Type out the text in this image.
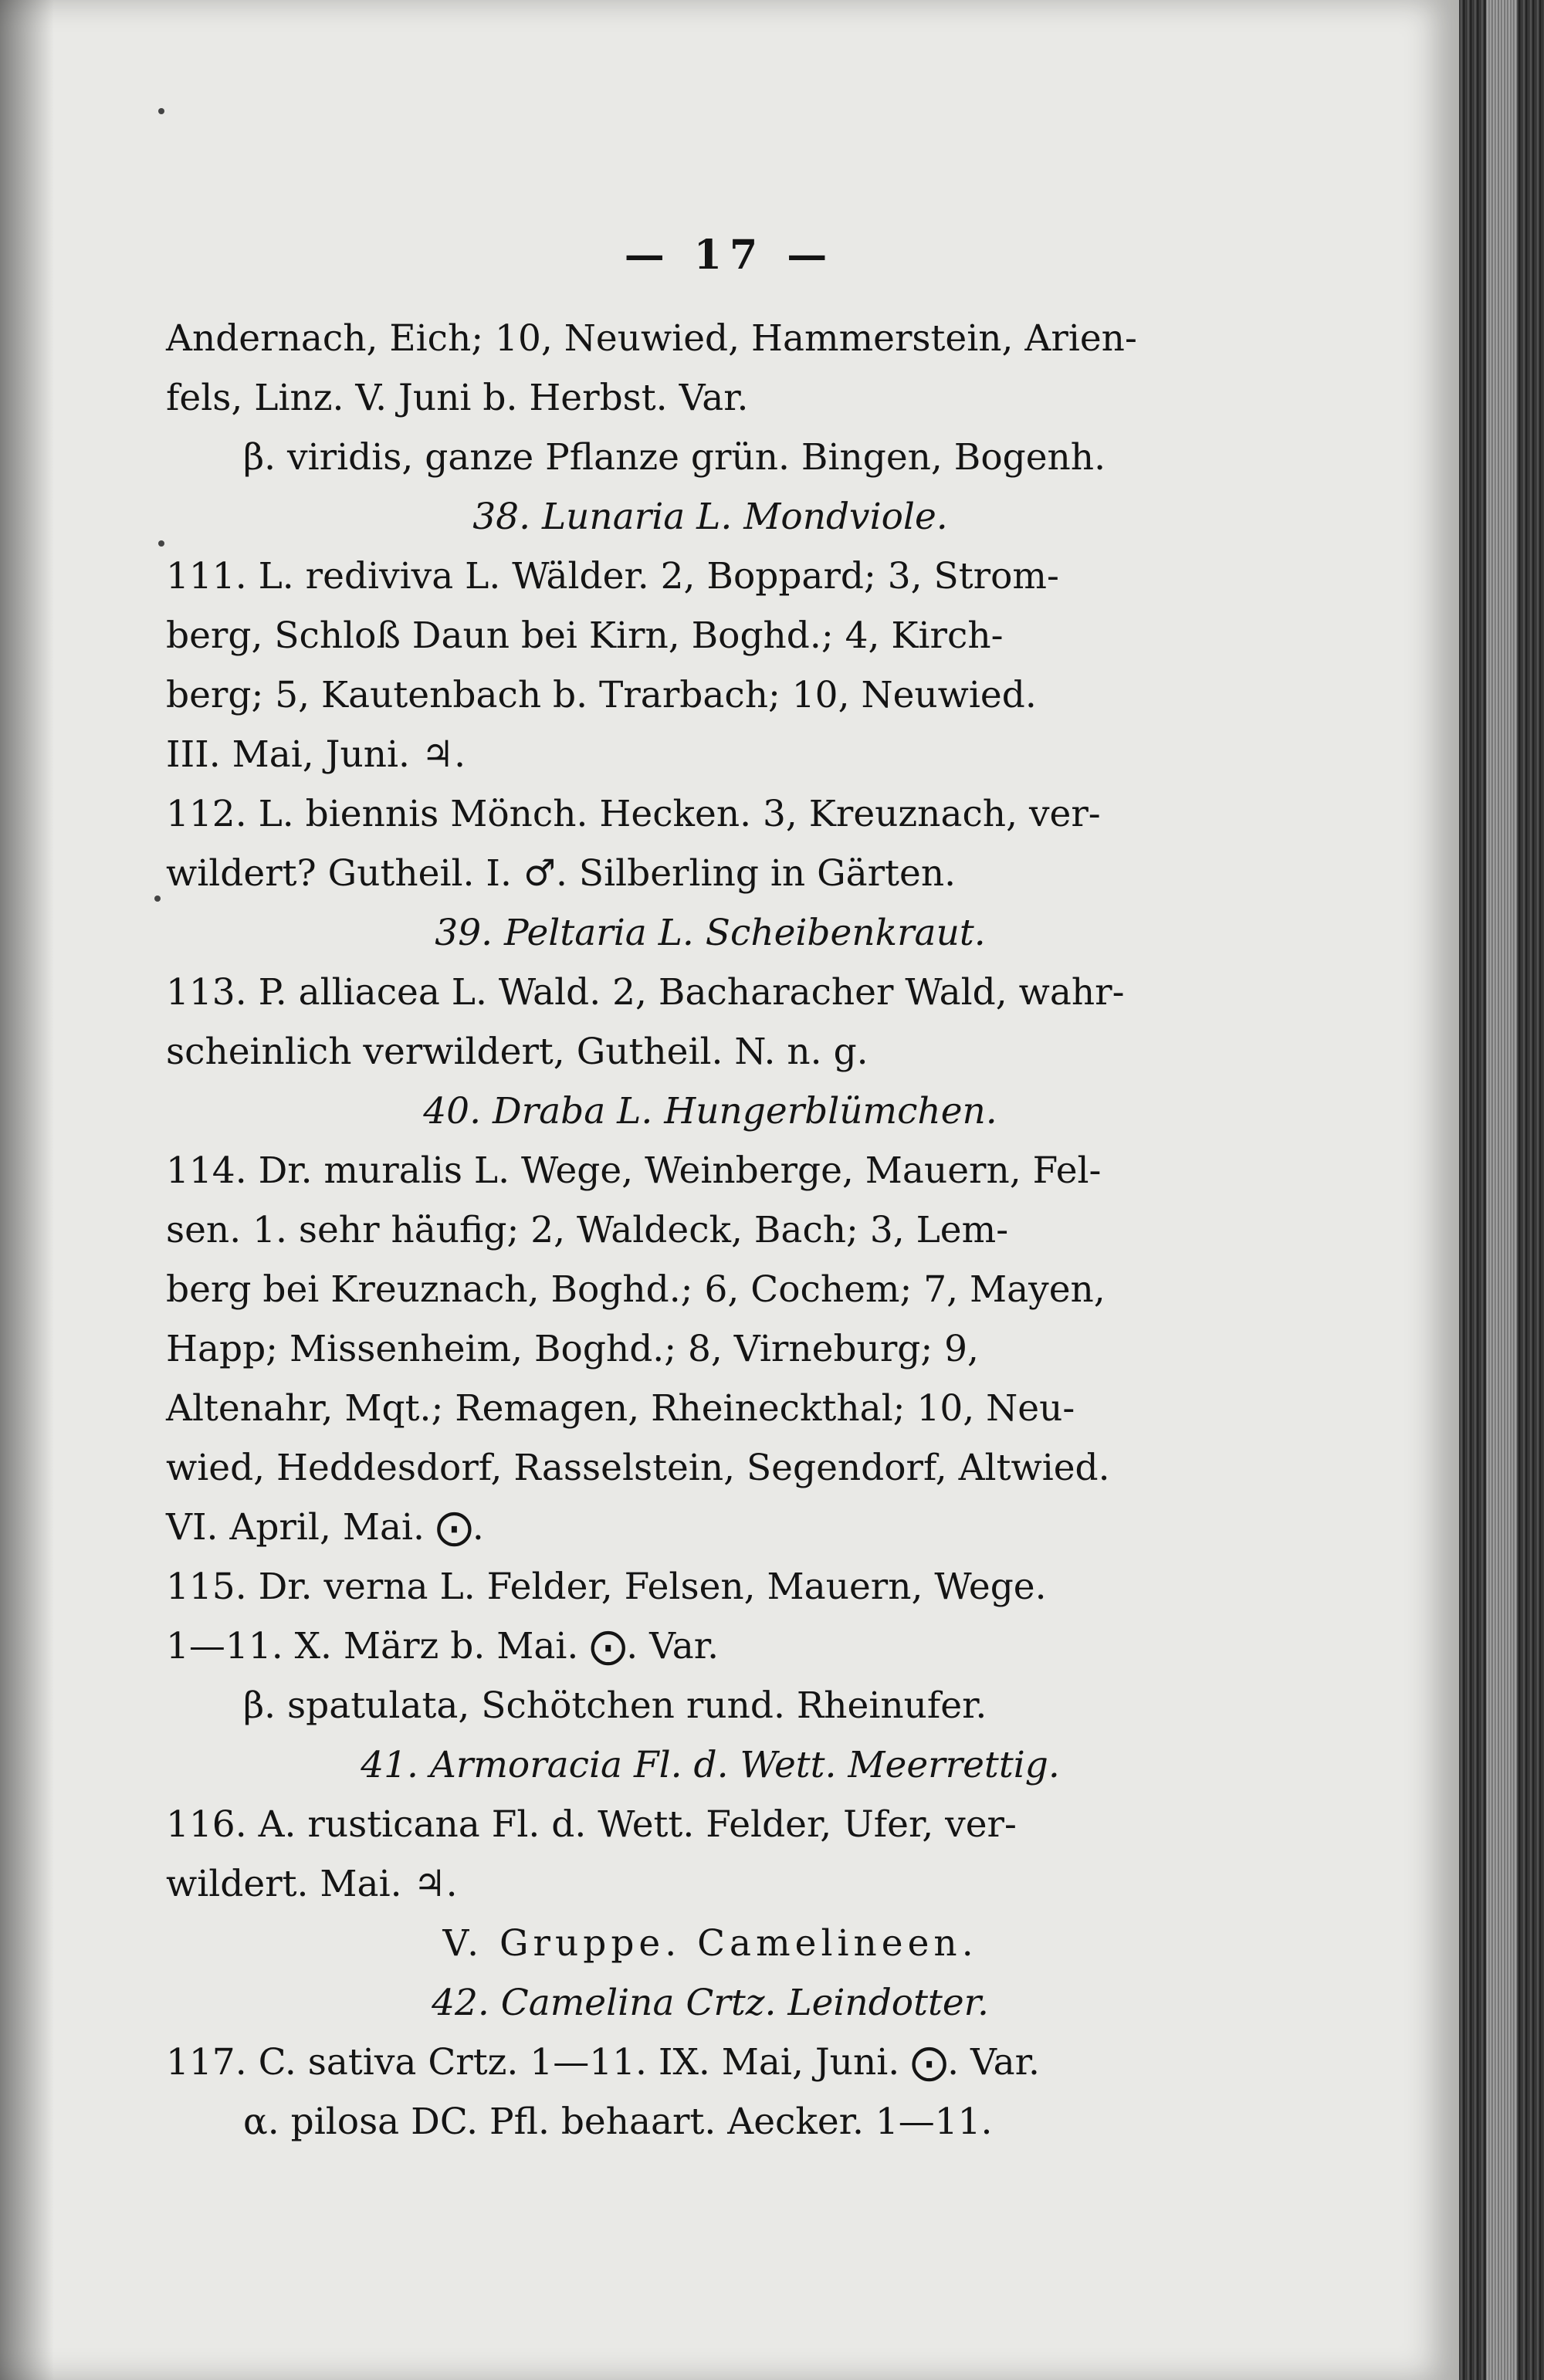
— 17 —
Andernach, Eich; 10, Neuwied, Hammerstein, Arien-
fels, Linz. V. Juni b. Herbst. Var.
β. viridis, ganze Pflanze grün. Bingen, Bogenh.
38. Lunaria L. Mondviole.
111. L. rediviva L. Wälder. 2, Boppard; 3, Strom-
berg, Schloß Daun bei Kirn, Boghd.; 4, Kirch-
berg; 5, Kautenbach b. Trarbach; 10, Neuwied.
III. Mai, Juni. ♃.
112. L. biennis Mönch. Hecken. 3, Kreuznach, ver-
wildert? Gutheil. I. ♂. Silberling in Gärten.
39. Peltaria L. Scheibenkraut.
113. P. alliacea L. Wald. 2, Bacharacher Wald, wahr-
scheinlich verwildert, Gutheil. N. n. g.
40. Draba L. Hungerblümchen.
114. Dr. muralis L. Wege, Weinberge, Mauern, Fel-
sen. 1. sehr häufig; 2, Waldeck, Bach; 3, Lem-
berg bei Kreuznach, Boghd.; 6, Cochem; 7, Mayen,
Happ; Missenheim, Boghd.; 8, Virneburg; 9,
Altenahr, Mqt.; Remagen, Rheineckthal; 10, Neu-
wied, Heddesdorf, Rasselstein, Segendorf, Altwied.
VI. April, Mai. ⨀.
115. Dr. verna L. Felder, Felsen, Mauern, Wege.
1—11. X. März b. Mai. ⨀. Var.
β. spatulata, Schötchen rund. Rheinufer.
41. Armoracia Fl. d. Wett. Meerrettig.
116. A. rusticana Fl. d. Wett. Felder, Ufer, ver-
wildert. Mai. ♃.
V. Gruppe. Camelineen.
42. Camelina Crtz. Leindotter.
117. C. sativa Crtz. 1—11. IX. Mai, Juni. ⨀. Var.
α. pilosa DC. Pfl. behaart. Aecker. 1—11.
